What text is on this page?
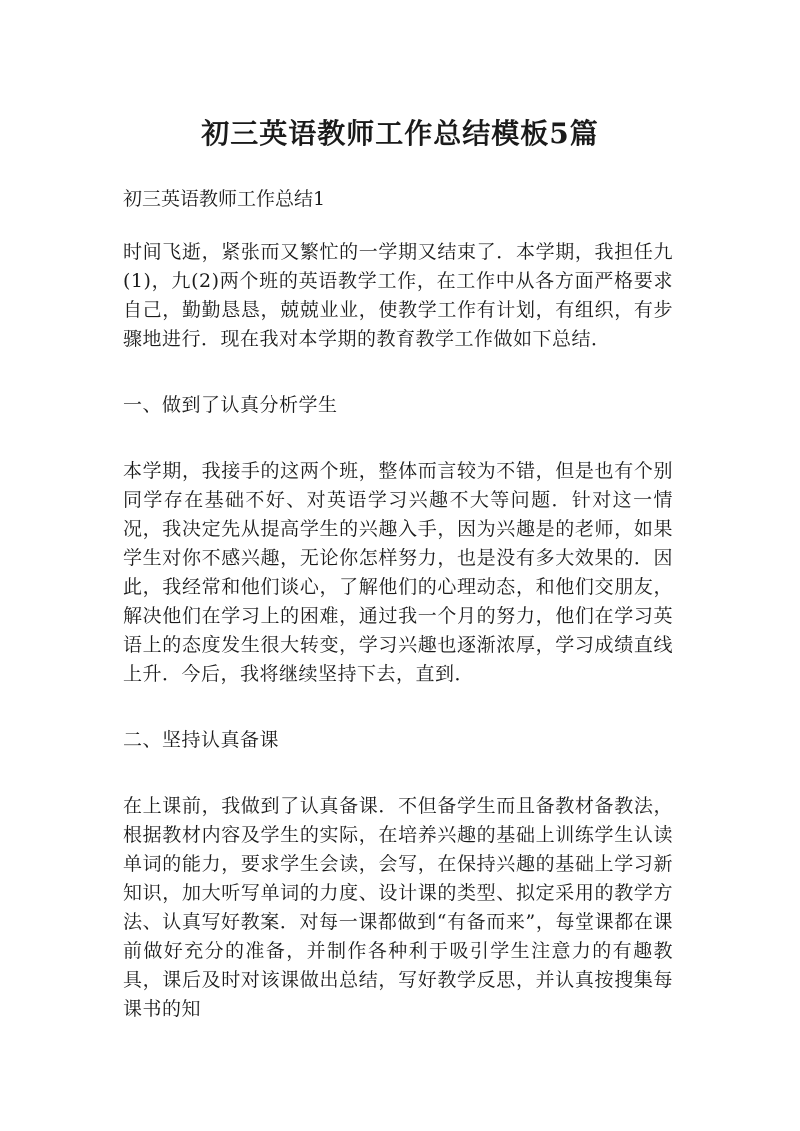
初三英语教师工作总结模板5篇

初三英语教师工作总结1

时间飞逝，紧张而又繁忙的一学期又结束了．本学期，我担任九(1)，九(2)两个班的英语教学工作，在工作中从各方面严格要求自己，勤勤恳恳，兢兢业业，使教学工作有计划，有组织，有步骤地进行．现在我对本学期的教育教学工作做如下总结．

一、做到了认真分析学生

本学期，我接手的这两个班，整体而言较为不错，但是也有个别同学存在基础不好、对英语学习兴趣不大等问题．针对这一情况，我决定先从提高学生的兴趣入手，因为兴趣是的老师，如果学生对你不感兴趣，无论你怎样努力，也是没有多大效果的．因此，我经常和他们谈心，了解他们的心理动态，和他们交朋友，解决他们在学习上的困难，通过我一个月的努力，他们在学习英语上的态度发生很大转变，学习兴趣也逐渐浓厚，学习成绩直线上升．今后，我将继续坚持下去，直到．

二、坚持认真备课

在上课前，我做到了认真备课．不但备学生而且备教材备教法，根据教材内容及学生的实际，在培养兴趣的基础上训练学生认读单词的能力，要求学生会读，会写，在保持兴趣的基础上学习新知识，加大听写单词的力度、设计课的类型、拟定采用的教学方法、认真写好教案．对每一课都做到“有备而来”，每堂课都在课前做好充分的准备，并制作各种利于吸引学生注意力的有趣教具，课后及时对该课做出总结，写好教学反思，并认真按搜集每课书的知
